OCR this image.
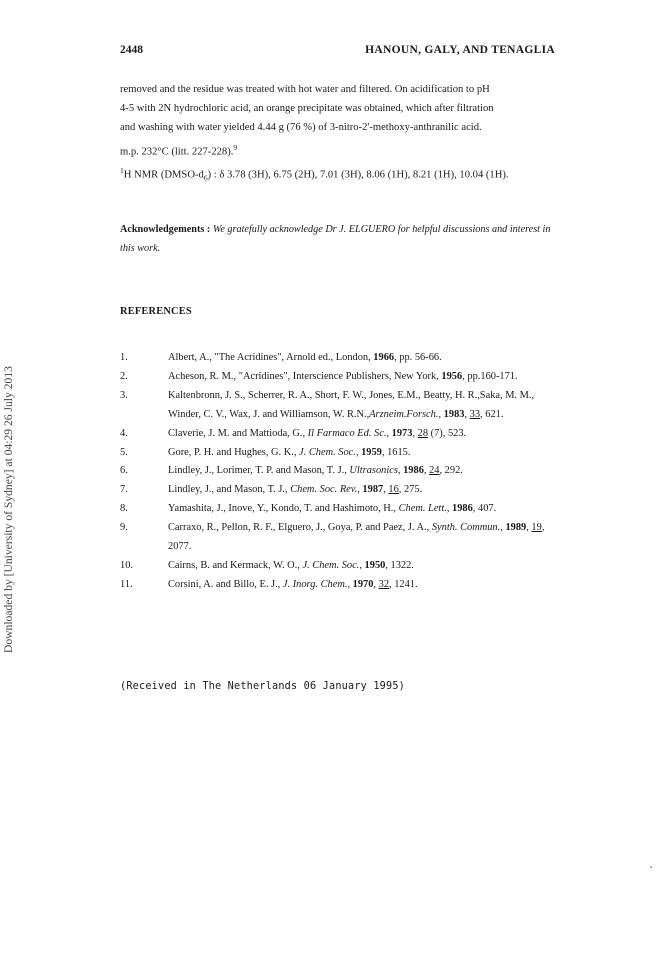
2448	HANOUN, GALY, AND TENAGLIA
removed and the residue was treated with hot water and filtered. On acidification to pH
4-5 with 2N hydrochloric acid, an orange precipitate was obtained, which after filtration
and washing with water yielded 4.44 g (76 %) of 3-nitro-2'-methoxy-anthranilic acid.
m.p. 232°C (litt. 227-228).$^9$
$^1$H NMR $(DMSO-d_6)$ : δ 3.78 (3H), 6.75 (2H), 7.01 (3H), 8.06 (1H), 8.21 (1H), 10.04 (1H).
Acknowledgements : We gratefully acknowledge Dr J. ELGUERO for helpful discussions and interest in this work.
REFERENCES
1.	Albert, A., "The Acridines", Arnold ed., London, 1966, pp. 56-66.
2.	Acheson, R. M., "Acridines", Interscience Publishers, New York, 1956, pp.160-171.
3.	Kaltenbronn, J. S., Scherrer, R. A., Short, F. W., Jones, E.M., Beatty, H. R.,Saka, M. M., Winder, C. V., Wax, J. and Williamson, W. R.N.,Arzneim.Forsch., 1983, 33, 621.
4.	Claverie, J. M. and Mattioda, G., Il Farmaco Ed. Sc., 1973, 28 (7), 523.
5.	Gore, P. H. and Hughes, G. K., J. Chem. Soc., 1959, 1615.
6.	Lindley, J., Lorimer, T. P. and Mason, T. J., Ultrasonics, 1986, 24, 292.
7.	Lindley, J., and Mason, T. J., Chem. Soc. Rev., 1987, 16, 275.
8.	Yamashita, J., Inove, Y., Kondo, T. and Hashimoto, H., Chem. Lett., 1986, 407.
9.	Carraxo, R., Pellon, R. F., Elguero, J., Goya, P. and Paez, J. A., Synth. Commun., 1989, 19, 2077.
10.	Cairns, B. and Kermack, W. O., J. Chem. Soc., 1950, 1322.
11.	Corsini, A. and Billo, E. J., J. Inorg. Chem., 1970, 32, 1241.
(Received in The Netherlands 06 January 1995)
Downloaded by [University of Sydney] at 04:29 26 July 2013
